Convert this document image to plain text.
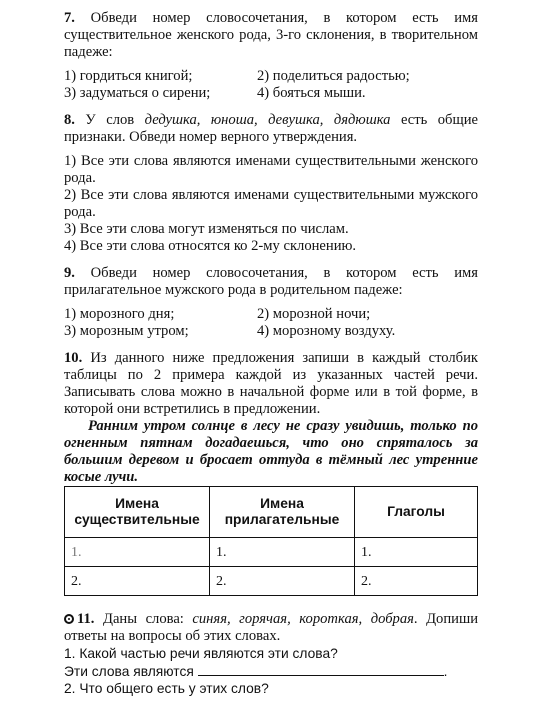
7. Обведи номер словосочетания, в котором есть имя существительное женского рода, 3-го склонения, в творительном падеже:

1) гордиться книгой;	2) поделиться радостью;
3) задуматься о сирени;	4) бояться мыши.

8. У слов дедушка, юноша, девушка, дядюшка есть общие признаки. Обведи номер верного утверждения.

1) Все эти слова являются именами существительными женского рода.

2) Все эти слова являются именами существительными мужского рода.

3) Все эти слова могут изменяться по числам.

4) Все эти слова относятся ко 2-му склонению.

9. Обведи номер словосочетания, в котором есть имя прилагательное мужского рода в родительном падеже:

1) морозного дня;	2) морозной ночи;
3) морозным утром;	4) морозному воздуху.

10. Из данного ниже предложения запиши в каждый столбик таблицы по 2 примера каждой из указанных частей речи. Записывать слова можно в начальной форме или в той форме, в которой они встретились в предложении.

Ранним утром солнце в лесу не сразу увидишь, только по огненным пятнам догадаешься, что оно спряталось за большим деревом и бросает оттуда в тёмный лес утренние косые лучи.

Имена существительные	Имена прилагательные	Глаголы
1.	1.	1.
2.	2.	2.

11. Даны слова: синяя, горячая, короткая, добрая. Допиши ответы на вопросы об этих словах.

1. Какой частью речи являются эти слова?

Эти слова являются	.

2. Что общего есть у этих слов?
